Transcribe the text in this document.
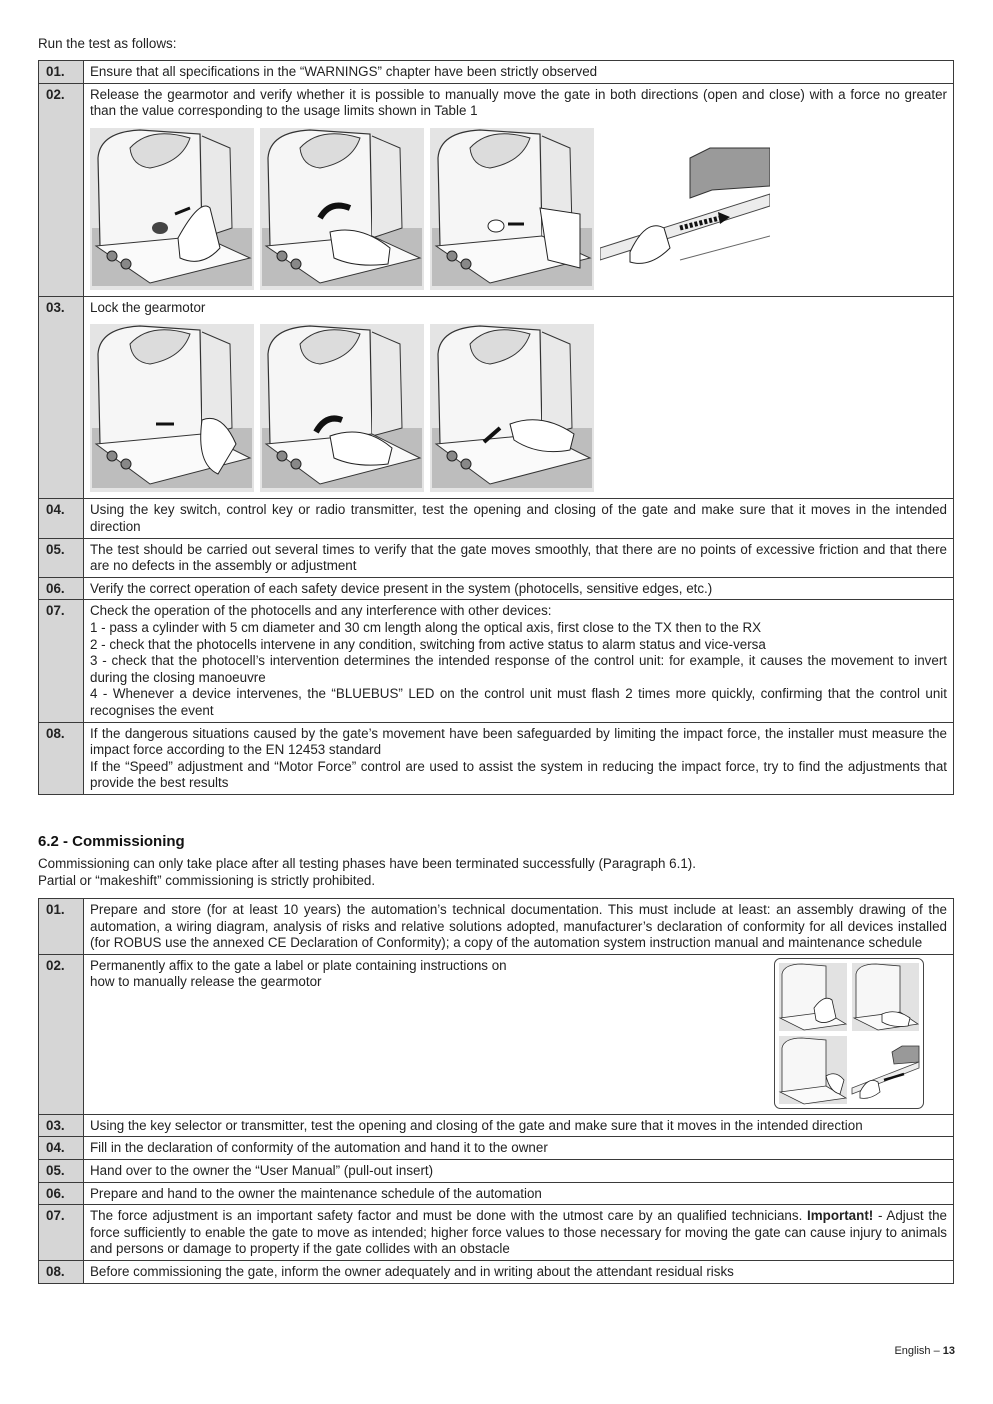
Run the test as follows:
01.	Ensure that all specifications in the “WARNINGS” chapter have been strictly observed

02.	Release the gearmotor and verify whether it is possible to manually move the gate in both directions (open and close) with a force no greater than the value corresponding to the usage limits shown in Table 1

03.	Lock the gearmotor

04.	Using the key switch, control key or radio transmitter, test the opening and closing of the gate and make sure that it moves in the intended direction

05.	The test should be carried out several times to verify that the gate moves smoothly, that there are no points of excessive friction and that there are no defects in the assembly or adjustment

06.	Verify the correct operation of each safety device present in the system (photocells, sensitive edges, etc.)

07.	Check the operation of the photocells and any interference with other devices:
1 - pass a cylinder with 5 cm diameter and 30 cm length along the optical axis, first close to the TX then to the RX
2 - check that the photocells intervene in any condition, switching from active status to alarm status and vice-versa
3 - check that the photocell’s intervention determines the intended response of the control unit: for example, it causes the movement to invert during the closing manoeuvre
4 - Whenever a device intervenes, the “BLUEBUS” LED on the control unit must flash 2 times more quickly, confirming that the control unit recognises the event

08.	If the dangerous situations caused by the gate’s movement have been safeguarded by limiting the impact force, the installer must measure the impact force according to the EN 12453 standard
If the “Speed” adjustment and “Motor Force” control are used to assist the system in reducing the impact force, try to find the adjustments that provide the best results
6.2 - Commissioning
Commissioning can only take place after all testing phases have been terminated successfully (Paragraph 6.1).
Partial or “makeshift” commissioning is strictly prohibited.
01.	Prepare and store (for at least 10 years) the automation’s technical documentation. This must include at least: an assembly drawing of the automation, a wiring diagram, analysis of risks and relative solutions adopted, manufacturer’s declaration of conformity for all devices installed (for ROBUS use the annexed CE Declaration of Conformity); a copy of the automation system instruction manual and maintenance schedule
02.	Permanently affix to the gate a label or plate containing instructions on how to manually release the gearmotor

03.	Using the key selector or transmitter, test the opening and closing of the gate and make sure that it moves in the intended direction
04.	Fill in the declaration of conformity of the automation and hand it to the owner
05.	Hand over to the owner the “User Manual” (pull-out insert)
06.	Prepare and hand to the owner the maintenance schedule of the automation
07.	The force adjustment is an important safety factor and must be done with the utmost care by an qualified technicians. Important! - Adjust the force sufficiently to enable the gate to move as intended; higher force values to those necessary for moving the gate can cause injury to animals and persons or damage to property if the gate collides with an obstacle
08.	Before commissioning the gate, inform the owner adequately and in writing about the attendant residual risks
English – 13
